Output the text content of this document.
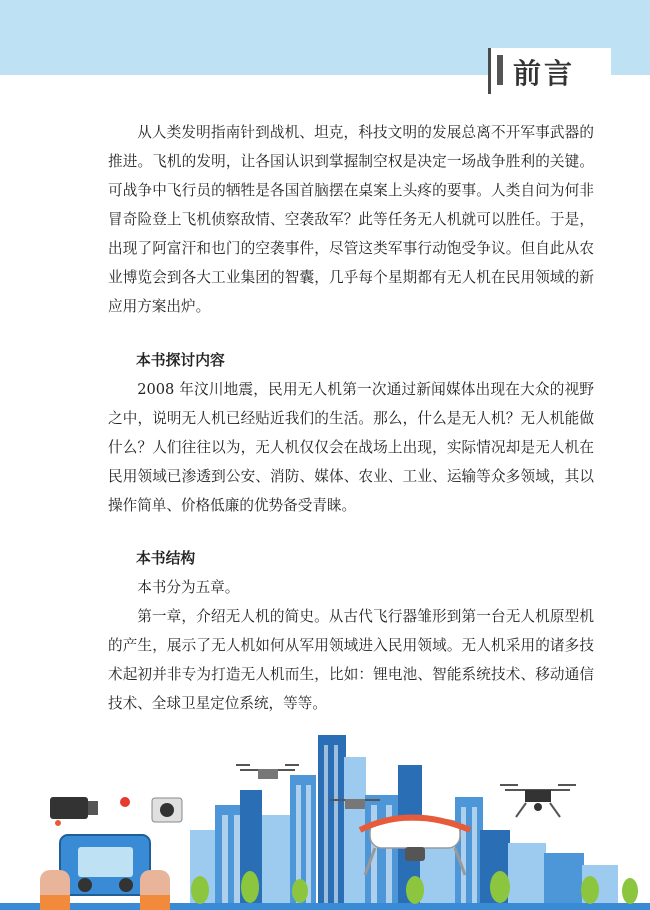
前言

从人类发明指南针到战机、坦克，科技文明的发展总离不开军事武器的推进。飞机的发明，让各国认识到掌握制空权是决定一场战争胜利的关键。可战争中飞行员的牺牲是各国首脑摆在桌案上头疼的要事。人类自问为何非冒奇险登上飞机侦察敌情、空袭敌军？此等任务无人机就可以胜任。于是，出现了阿富汗和也门的空袭事件，尽管这类军事行动饱受争议。但自此从农业博览会到各大工业集团的智囊，几乎每个星期都有无人机在民用领域的新应用方案出炉。

本书探讨内容

2008 年汶川地震，民用无人机第一次通过新闻媒体出现在大众的视野之中，说明无人机已经贴近我们的生活。那么，什么是无人机？无人机能做什么？人们往往以为，无人机仅仅会在战场上出现，实际情况却是无人机在民用领域已渗透到公安、消防、媒体、农业、工业、运输等众多领域，其以操作简单、价格低廉的优势备受青睐。

本书结构

本书分为五章。

第一章，介绍无人机的简史。从古代飞行器雏形到第一台无人机原型机的产生，展示了无人机如何从军用领域进入民用领域。无人机采用的诸多技术起初并非专为打造无人机而生，比如：锂电池、智能系统技术、移动通信技术、全球卫星定位系统，等等。
